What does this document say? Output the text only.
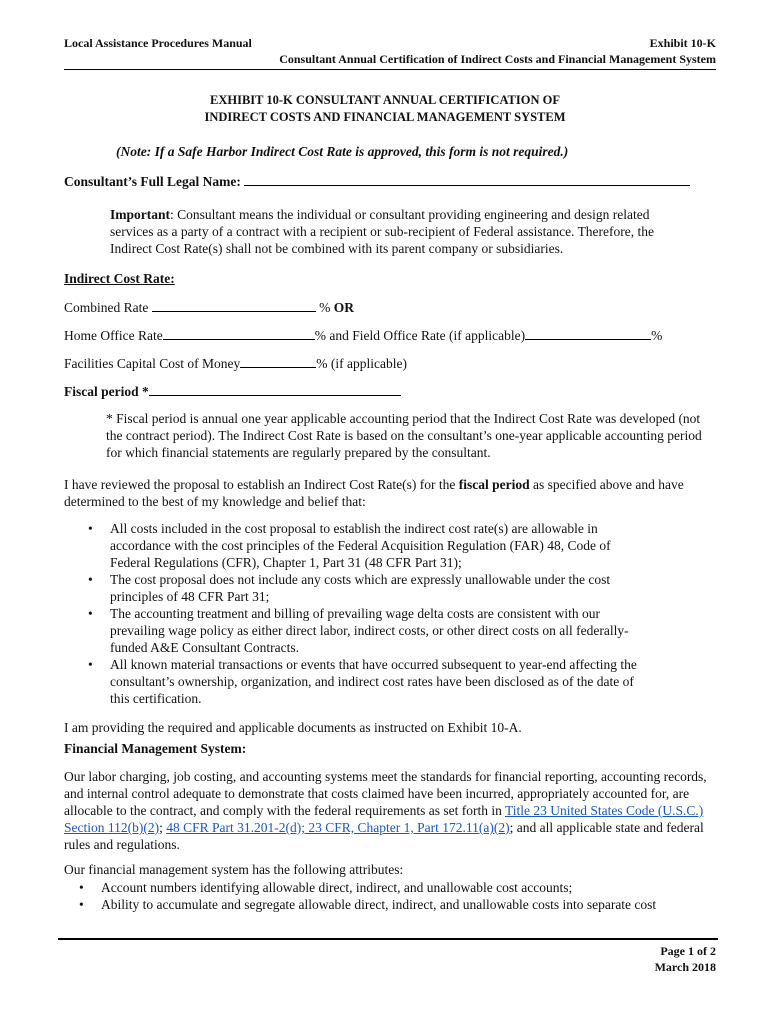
Local Assistance Procedures Manual	Exhibit 10-K
Consultant Annual Certification of Indirect Costs and Financial Management System
EXHIBIT 10-K CONSULTANT ANNUAL CERTIFICATION OF
INDIRECT COSTS AND FINANCIAL MANAGEMENT SYSTEM
(Note: If a Safe Harbor Indirect Cost Rate is approved, this form is not required.)
Consultant’s Full Legal Name:
Important: Consultant means the individual or consultant providing engineering and design related services as a party of a contract with a recipient or sub-recipient of Federal assistance. Therefore, the Indirect Cost Rate(s) shall not be combined with its parent company or subsidiaries.
Indirect Cost Rate:
Combined Rate	% OR
Home Office Rate	% and Field Office Rate (if applicable)	%
Facilities Capital Cost of Money	% (if applicable)
Fiscal period *
* Fiscal period is annual one year applicable accounting period that the Indirect Cost Rate was developed (not the contract period). The Indirect Cost Rate is based on the consultant’s one-year applicable accounting period for which financial statements are regularly prepared by the consultant.
I have reviewed the proposal to establish an Indirect Cost Rate(s) for the fiscal period as specified above and have determined to the best of my knowledge and belief that:
• All costs included in the cost proposal to establish the indirect cost rate(s) are allowable in accordance with the cost principles of the Federal Acquisition Regulation (FAR) 48, Code of Federal Regulations (CFR), Chapter 1, Part 31 (48 CFR Part 31);
• The cost proposal does not include any costs which are expressly unallowable under the cost principles of 48 CFR Part 31;
• The accounting treatment and billing of prevailing wage delta costs are consistent with our prevailing wage policy as either direct labor, indirect costs, or other direct costs on all federally-funded A&E Consultant Contracts.
• All known material transactions or events that have occurred subsequent to year-end affecting the consultant’s ownership, organization, and indirect cost rates have been disclosed as of the date of this certification.
I am providing the required and applicable documents as instructed on Exhibit 10-A.
Financial Management System:
Our labor charging, job costing, and accounting systems meet the standards for financial reporting, accounting records, and internal control adequate to demonstrate that costs claimed have been incurred, appropriately accounted for, are allocable to the contract, and comply with the federal requirements as set forth in Title 23 United States Code (U.S.C.) Section 112(b)(2); 48 CFR Part 31.201-2(d); 23 CFR, Chapter 1, Part 172.11(a)(2); and all applicable state and federal rules and regulations.
Our financial management system has the following attributes:
• Account numbers identifying allowable direct, indirect, and unallowable cost accounts;
• Ability to accumulate and segregate allowable direct, indirect, and unallowable costs into separate cost
Page 1 of 2
March 2018
